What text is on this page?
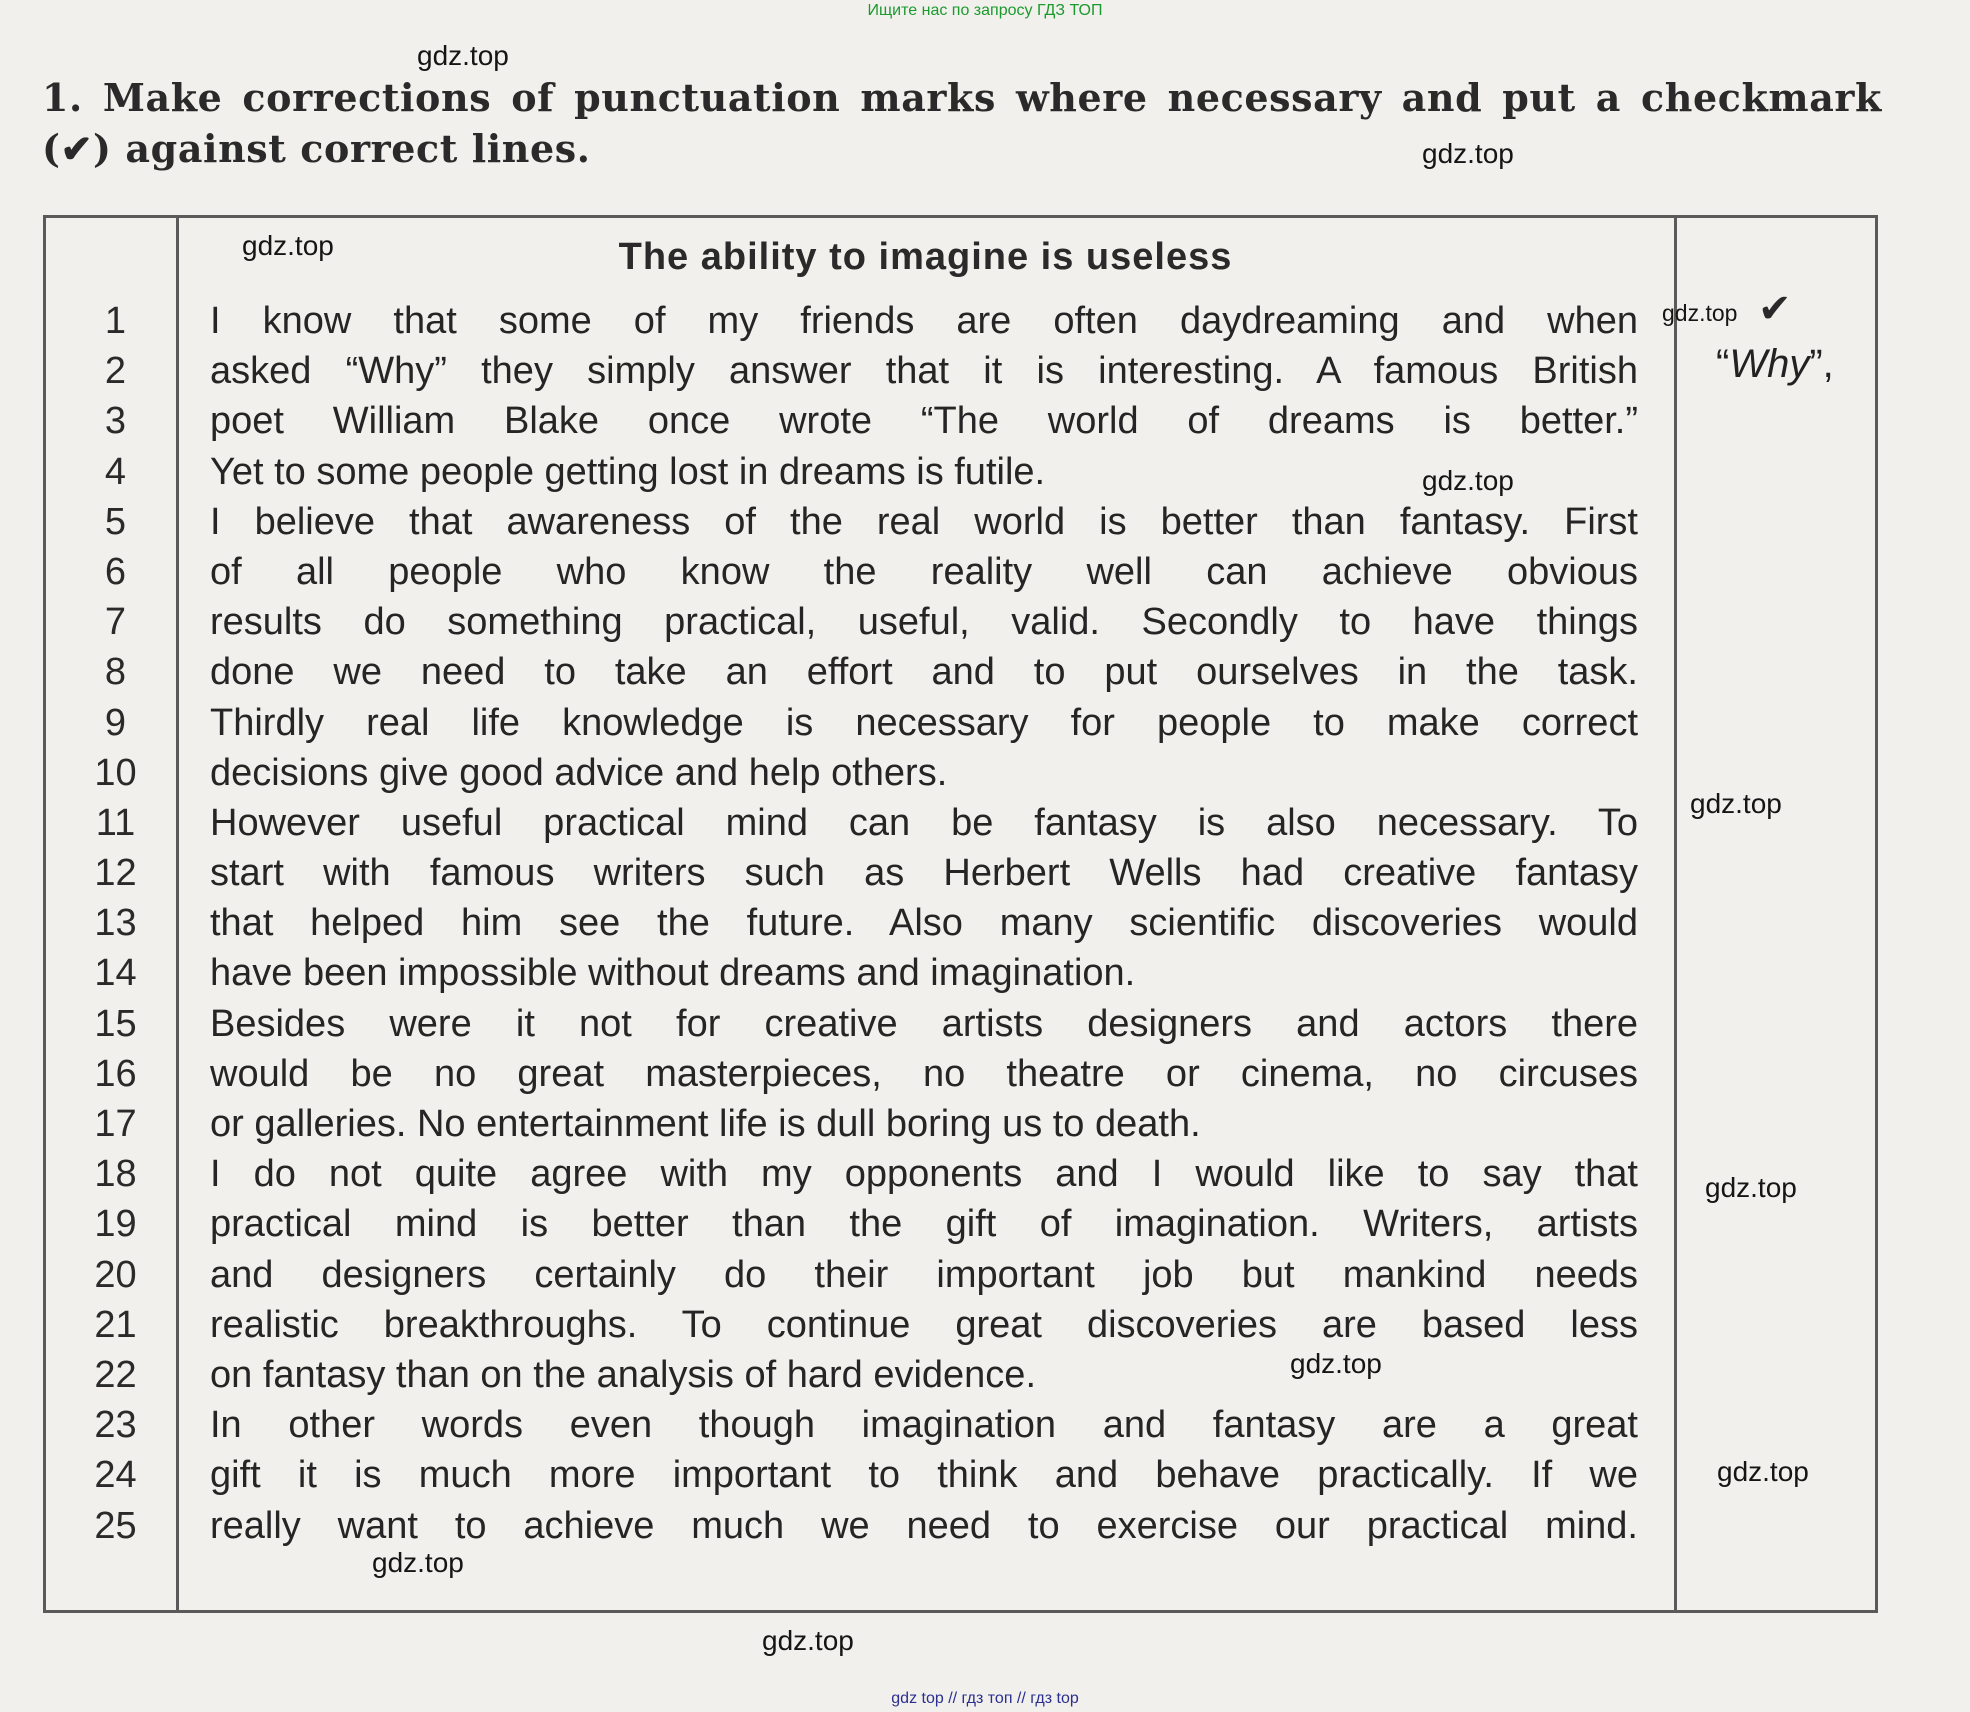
Ищите нас по запросу ГДЗ ТОП
1. Make corrections of punctuation marks where necessary and put a checkmark (✔) against correct lines.
The ability to imagine is useless
1
2
3
4
5
6
7
8
9
10
11
12
13
14
15
16
17
18
19
20
21
22
23
24
25
I know that some of my friends are often daydreaming and when
asked “Why” they simply answer that it is interesting. A famous British
poet William Blake once wrote “The world of dreams is better.”
Yet to some people getting lost in dreams is futile.
I believe that awareness of the real world is better than fantasy. First
of all people who know the reality well can achieve obvious
results do something practical, useful, valid. Secondly to have things
done we need to take an effort and to put ourselves in the task.
Thirdly real life knowledge is necessary for people to make correct
decisions give good advice and help others.
However useful practical mind can be fantasy is also necessary. To
start with famous writers such as Herbert Wells had creative fantasy
that helped him see the future. Also many scientific discoveries would
have been impossible without dreams and imagination.
Besides were it not for creative artists designers and actors there
would be no great masterpieces, no theatre or cinema, no circuses
or galleries. No entertainment life is dull boring us to death.
I do not quite agree with my opponents and I would like to say that
practical mind is better than the gift of imagination. Writers, artists
and designers certainly do their important job but mankind needs
realistic breakthroughs. To continue great discoveries are based less
on fantasy than on the analysis of hard evidence.
In other words even though imagination and fantasy are a great
gift it is much more important to think and behave practically. If we
really want to achieve much we need to exercise our practical mind.
✔
“Why”,
gdz.top
gdz.top
gdz.top
gdz.top
gdz.top
gdz.top
gdz.top
gdz.top
gdz.top
gdz.top
gdz.top
gdz top // гдз топ // гдз top
